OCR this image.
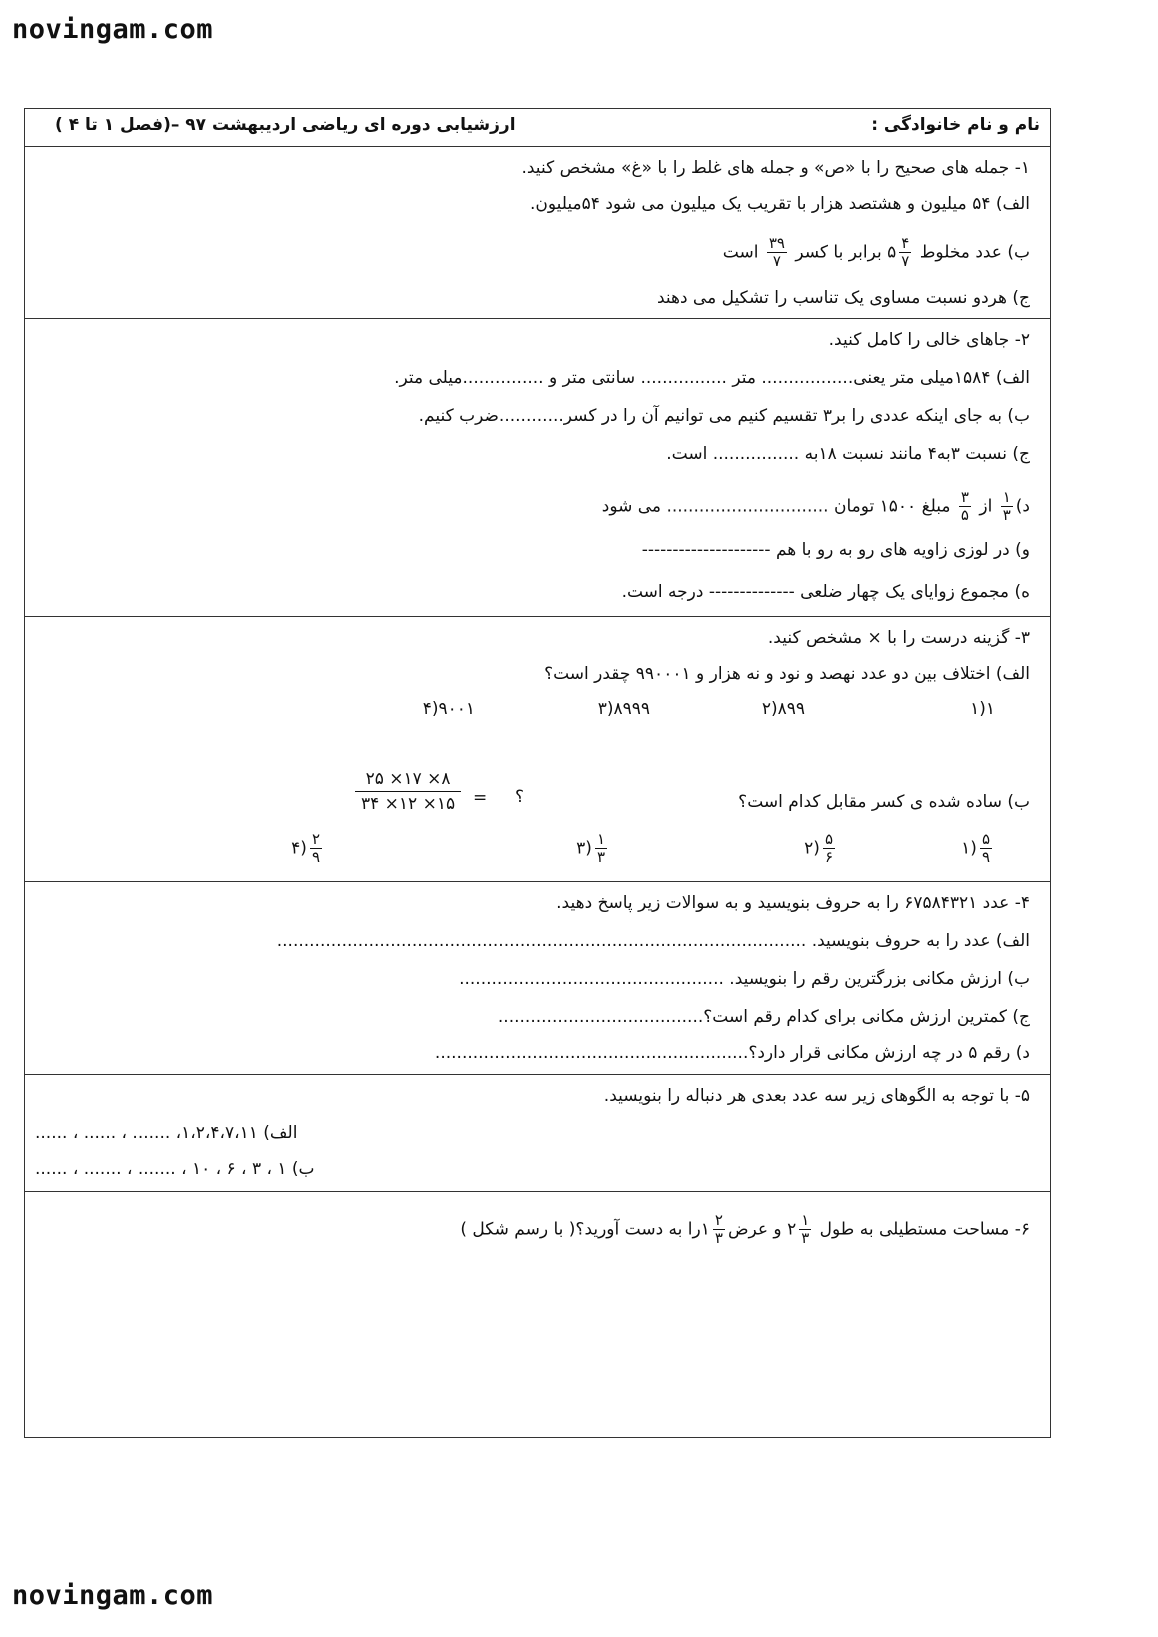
novingam.com
نام و نام خانوادگی :
ارزشیابی دوره ای ریاضی اردیبهشت ۹۷ –(فصل ۱ تا ۴ )
۱- جمله های صحیح را با «ص» و جمله های غلط را با «غ» مشخص کنید.
الف) ۵۴ میلیون و هشتصد هزار با تقریب یک میلیون می شود ۵۴میلیون.
ب) عدد مخلوط
$\frac{۴}{۷}$
۵ برابر با کسر
$\frac{۳۹}{۷}$
است
ج) هردو نسبت مساوی یک تناسب را تشکیل می دهند
۲- جاهای خالی را کامل کنید.
الف) ۱۵۸۴میلی متر یعنی................. متر ................ سانتی متر و ...............میلی متر.
ب) به جای اینکه عددی را بر۳ تقسیم کنیم می توانیم آن را در کسر............ضرب کنیم.
ج) نسبت ۳به۴ مانند نسبت ۱۸به ................ است.
د)
$\frac{۱}{۳}$
از
$\frac{۳}{۵}$
مبلغ ۱۵۰۰ تومان .............................. می شود
و) در لوزی زاویه های رو به رو با هم ---------------------
ه) مجموع زوایای یک چهار ضلعی -------------- درجه است.
۳- گزینه درست را با × مشخص کنید.
الف) اختلاف بین دو عدد نهصد و نود و نه هزار و ۹۹۰۰۰۱ چقدر است؟
۱(۱
۸۹۹(۲
۸۹۹۹(۳
۹۰۰۱(۴
ب) ساده شده ی کسر مقابل کدام است؟
۲۵ ×۱۷ ×۸
۳۴ ×۱۲ ×۱۵	= ؟
$\frac{۵}{۹}$
(۱
$\frac{۵}{۶}$
(۲
$\frac{۱}{۳}$
(۳
$\frac{۲}{۹}$
(۴
۴- عدد ۶۷۵۸۴۳۲۱ را به حروف بنویسید و به سوالات زیر پاسخ دهید.
الف) عدد را به حروف بنویسید. ..................................................................................................
ب) ارزش مکانی بزرگترین رقم را بنویسید. .................................................
ج) کمترین ارزش مکانی برای کدام رقم است؟......................................
د) رقم ۵ در چه ارزش مکانی قرار دارد؟..........................................................
۵- با توجه به الگوهای زیر سه عدد بعدی هر دنباله را بنویسید.
...... ، ...... ، ....... ،۱،۲،۴،۷،۱۱ (الف
...... ، ....... ، ....... ، ۱۰ ، ۶ ، ۳ ، ۱ (ب
۶- مساحت مستطیلی به طول
$\frac{۱}{۳}$
۲ و عرض
$\frac{۲}{۳}$
۱را به دست آورید؟( با رسم شکل )
novingam.com
